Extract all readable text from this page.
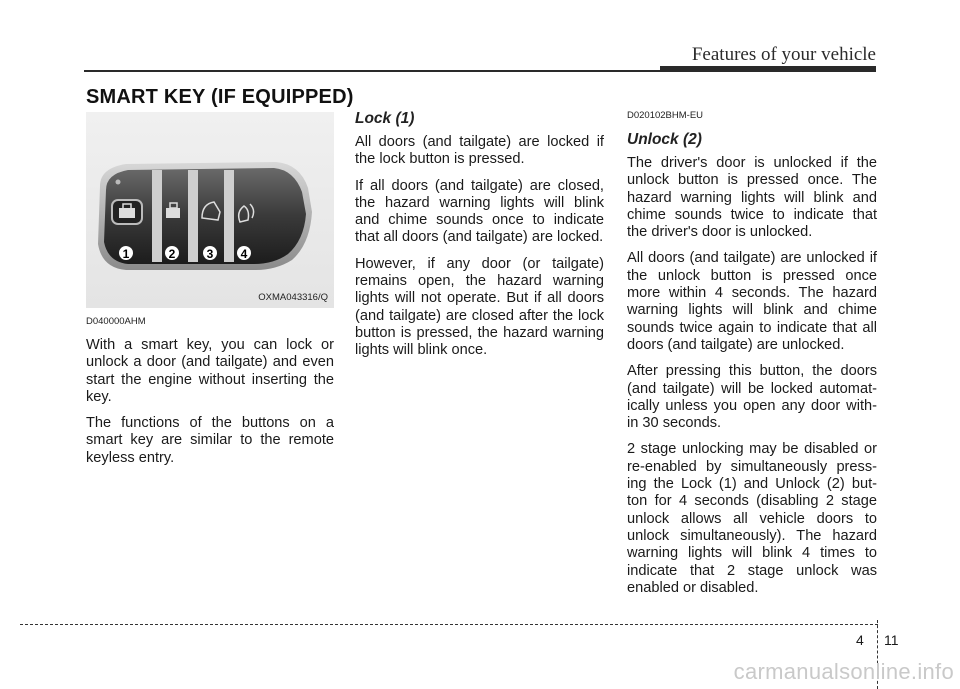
Features of your vehicle
SMART KEY (IF EQUIPPED)
1	2	3 4
OXMA043316/Q
D040000AHM

With a smart key, you can lock or unlock a door (and tailgate) and even start the engine without inserting the key.

The functions of the buttons on a smart key are similar to the remote keyless entry.

Lock (1)

All doors (and tailgate) are locked if the lock button is pressed.

If all doors (and tailgate) are closed, the hazard warning lights will blink and chime sounds once to indicate that all doors (and tailgate) are locked.

However, if any door (or tailgate) remains open, the hazard warning lights will not operate. But if all doors (and tailgate) are closed after the lock button is pressed, the hazard warning lights will blink once.

D020102BHM-EU
Unlock (2)

The driver's door is unlocked if the unlock button is pressed once. The hazard warning lights will blink and chime sounds twice to indicate that the driver's door is unlocked.

All doors (and tailgate) are unlocked if the unlock button is pressed once more within 4 seconds. The hazard warning lights will blink and chime sounds twice again to indicate that all doors (and tailgate) are unlocked.

After pressing this button, the doors (and tailgate) will be locked automat- ically unless you open any door with- in 30 seconds.

2 stage unlocking may be disabled or re-enabled by simultaneously press- ing the Lock (1) and Unlock (2) but- ton for 4 seconds (disabling 2 stage unlock allows all vehicle doors to unlock simultaneously). The hazard warning lights will blink 4 times to indicate that 2 stage unlock was enabled or disabled.

4 11
carmanualsonline.info
